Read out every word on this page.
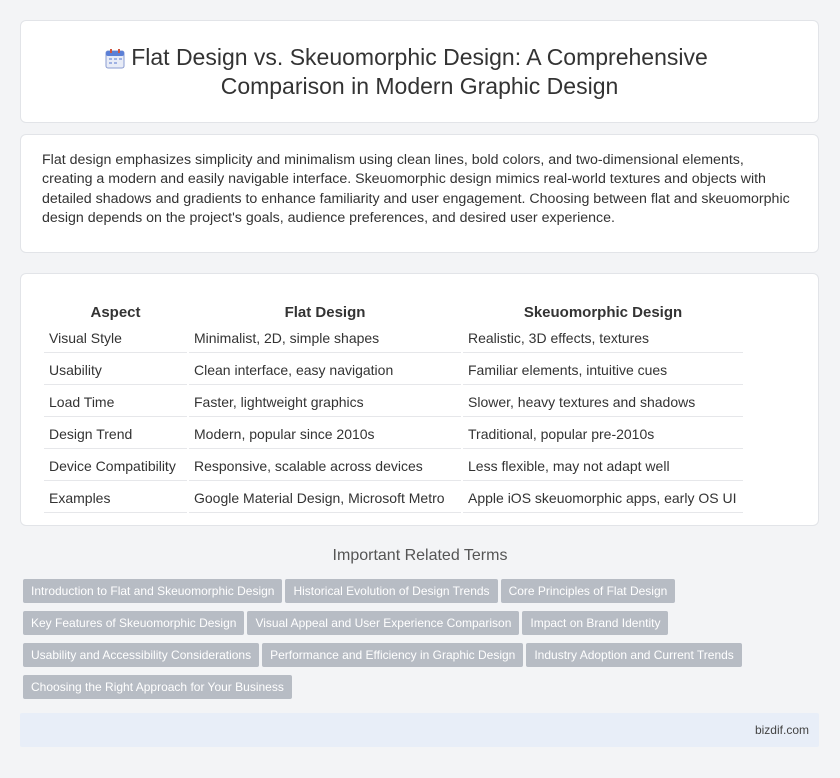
Flat Design vs. Skeuomorphic Design: A Comprehensive
Comparison in Modern Graphic Design

Flat design emphasizes simplicity and minimalism using clean lines, bold colors, and two-dimensional elements, creating a modern and easily navigable interface. Skeuomorphic design mimics real-world textures and objects with detailed shadows and gradients to enhance familiarity and user engagement. Choosing between flat and skeuomorphic design depends on the project's goals, audience preferences, and desired user experience.

Aspect	Flat Design	Skeuomorphic Design
Visual Style	Minimalist, 2D, simple shapes	Realistic, 3D effects, textures
Usability	Clean interface, easy navigation	Familiar elements, intuitive cues
Load Time	Faster, lightweight graphics	Slower, heavy textures and shadows
Design Trend	Modern, popular since 2010s	Traditional, popular pre-2010s
Device Compatibility	Responsive, scalable across devices	Less flexible, may not adapt well
Examples	Google Material Design, Microsoft Metro	Apple iOS skeuomorphic apps, early OS UI
Important Related Terms
Introduction to Flat and Skeuomorphic Design Historical Evolution of Design Trends Core Principles of Flat Design
Key Features of Skeuomorphic Design Visual Appeal and User Experience Comparison Impact on Brand Identity
Usability and Accessibility Considerations Performance and Efficiency in Graphic Design Industry Adoption and Current Trends
Choosing the Right Approach for Your Business
bizdif.com
